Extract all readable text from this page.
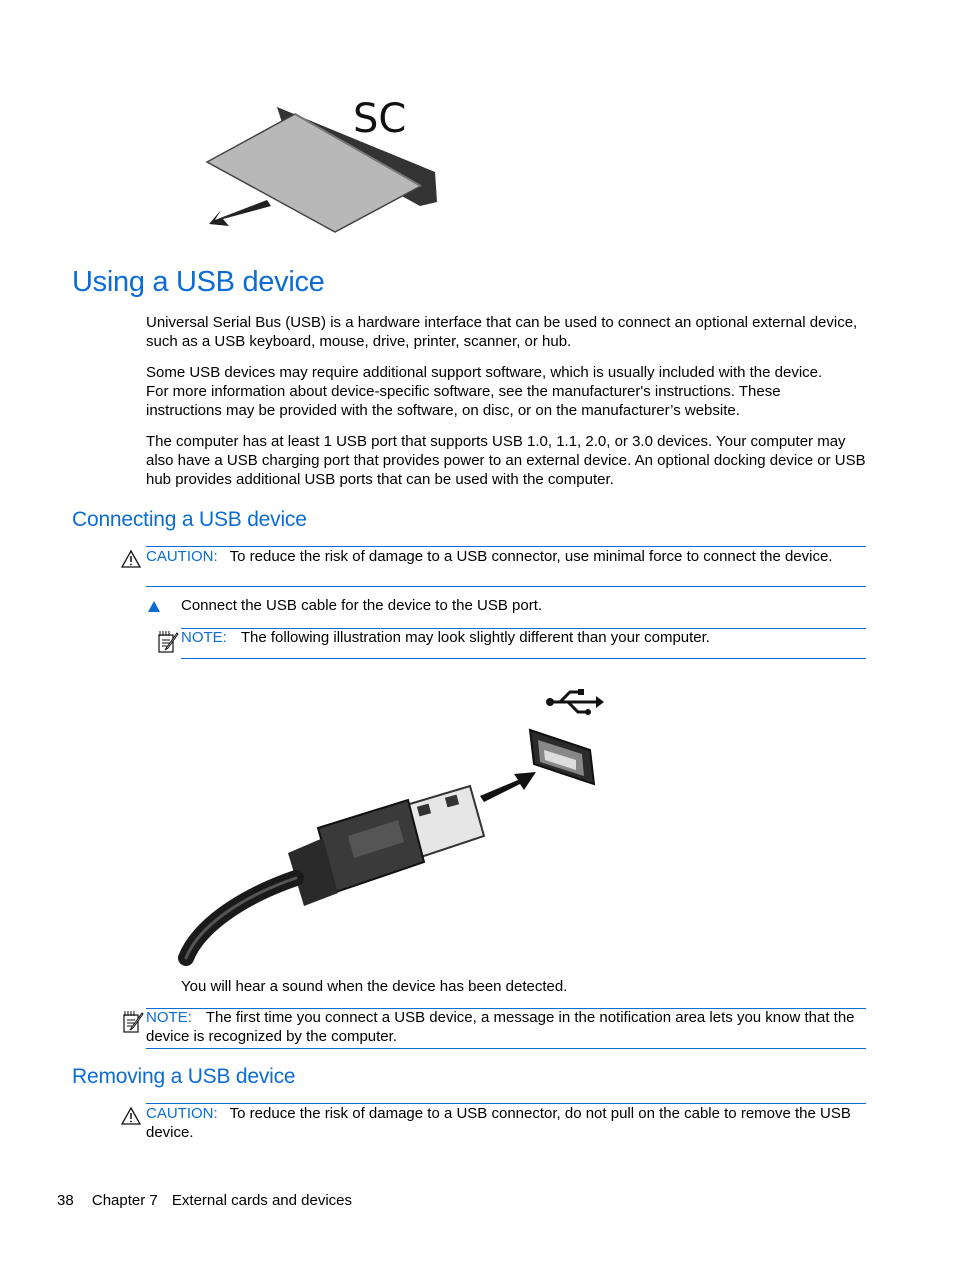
SC
Using a USB device
Universal Serial Bus (USB) is a hardware interface that can be used to connect an optional external device, such as a USB keyboard, mouse, drive, printer, scanner, or hub.
Some USB devices may require additional support software, which is usually included with the device. For more information about device-specific software, see the manufacturer's instructions. These instructions may be provided with the software, on disc, or on the manufacturer’s website.
The computer has at least 1 USB port that supports USB 1.0, 1.1, 2.0, or 3.0 devices. Your computer may also have a USB charging port that provides power to an external device. An optional docking device or USB hub provides additional USB ports that can be used with the computer.
Connecting a USB device
CAUTION: To reduce the risk of damage to a USB connector, use minimal force to connect the device.
Connect the USB cable for the device to the USB port.
NOTE: The following illustration may look slightly different than your computer.
You will hear a sound when the device has been detected.
NOTE: The first time you connect a USB device, a message in the notification area lets you know that the device is recognized by the computer.
Removing a USB device
CAUTION: To reduce the risk of damage to a USB connector, do not pull on the cable to remove the USB device.
38 Chapter 7 External cards and devices
